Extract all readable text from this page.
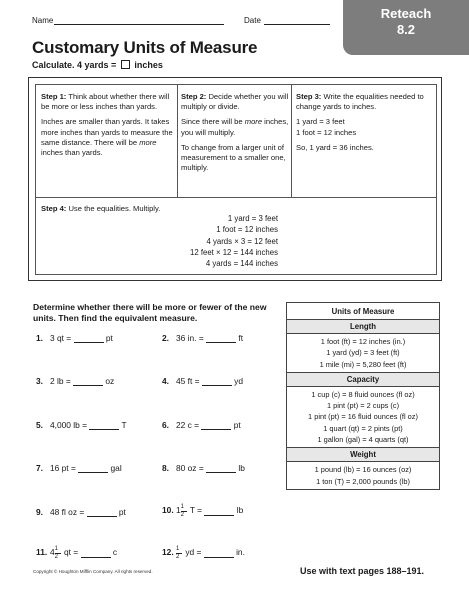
Name	Date	Reteach
8.2
Customary Units of Measure
Calculate. 4 yards = inches

Step 1: Think about whether there will be more or less inches than yards.

Inches are smaller than yards. It takes more inches than yards to measure the same distance. There will be more inches than yards.

Step 2: Decide whether you will multiply or divide.

Since there will be more inches, you will multiply.

To change from a larger unit of measurement to a smaller one, multiply.

Step 3: Write the equalities needed to change yards to inches.

1 yard = 3 feet
1 foot = 12 inches
So, 1 yard = 36 inches.
Step 4: Use the equalities. Multiply.
1 yard = 3 feet
1 foot = 12 inches
4 yards × 3 = 12 feet
12 feet × 12 = 144 inches
4 yards = 144 inches
Determine whether there will be more or fewer of the new units. Then find the equivalent measure.
1. 3 qt =	pt	2. 36 in. =	ft
3. 2 lb =	oz	4. 45 ft =	yd
5. 4,000 lb =	T	6. 22 c =	pt
7. 16 pt =	gal	8. 80 oz =	lb
9. 48 fl oz =	pt	10. $1 \frac{1}{2}$ T =	lb
11. $4 \frac{1}{2}$ qt =	c	12. $\frac{1}{2}$ yd =	in.
Units of Measure
Length
1 foot (ft) = 12 inches (in.)
1 yard (yd) = 3 feet (ft)
1 mile (mi) = 5,280 feet (ft)
Capacity
1 cup (c) = 8 fluid ounces (fl oz)
1 pint (pt) = 2 cups (c)
1 pint (pt) = 16 fluid ounces (fl oz)
1 quart (qt) = 2 pints (pt)
1 gallon (gal) = 4 quarts (qt)
Weight
1 pound (lb) = 16 ounces (oz)
1 ton (T) = 2,000 pounds (lb)
Copyright © Houghton Mifflin Company. All rights reserved.	Use with text pages 188–191.
